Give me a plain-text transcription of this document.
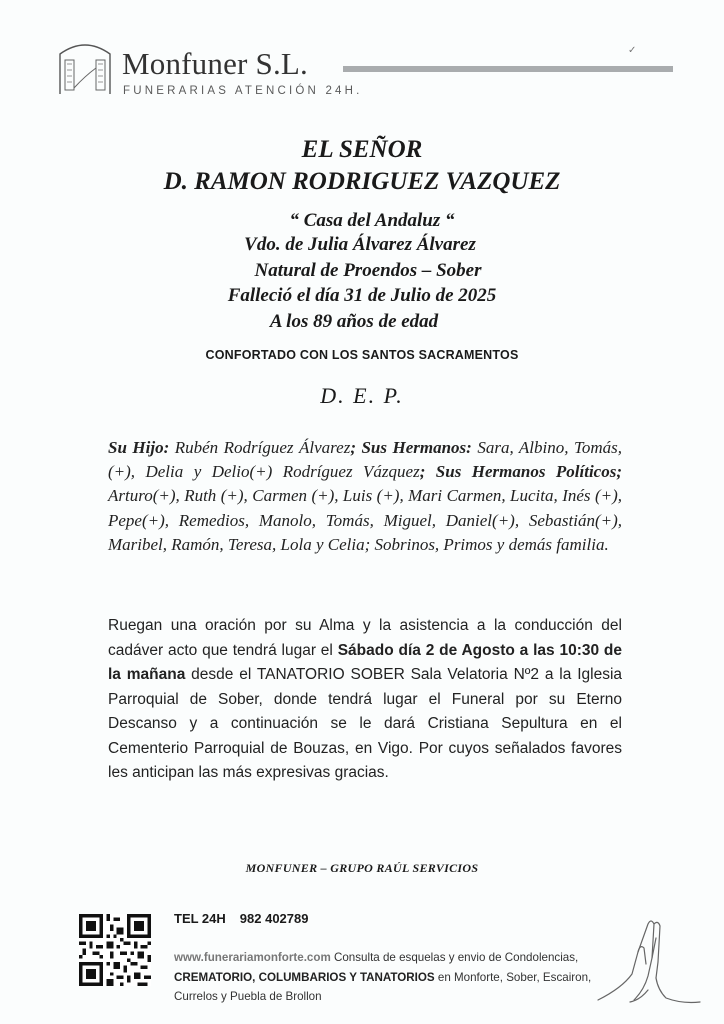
Monfuner S.L.
FUNERARIAS ATENCIÓN 24H.
✓
EL SEÑOR
D. RAMON RODRIGUEZ VAZQUEZ
“ Casa del Andaluz “
Vdo. de Julia Álvarez Álvarez
Natural de Proendos – Sober
Falleció el día 31 de Julio de 2025
A los 89 años de edad
CONFORTADO CON LOS SANTOS SACRAMENTOS
D. E. P.
Su Hijo: Rubén Rodríguez Álvarez; Sus Hermanos: Sara, Albino, Tomás,(+), Delia y Delio(+) Rodríguez Vázquez; Sus Hermanos Políticos; Arturo(+), Ruth (+), Carmen (+), Luis (+), Mari Carmen, Lucita, Inés (+), Pepe(+), Remedios, Manolo, Tomás, Miguel, Daniel(+), Sebastián(+), Maribel, Ramón, Teresa, Lola y Celia; Sobrinos, Primos y demás familia.
Ruegan una oración por su Alma y la asistencia a la conducción del cadáver acto que tendrá lugar el Sábado día 2 de Agosto a las 10:30 de la mañana desde el TANATORIO SOBER Sala Velatoria Nº2 a la Iglesia Parroquial de Sober, donde tendrá lugar el Funeral por su Eterno Descanso y a continuación se le dará Cristiana Sepultura en el Cementerio Parroquial de Bouzas, en Vigo. Por cuyos señalados favores les anticipan las más expresivas gracias.
MONFUNER – GRUPO RAÚL SERVICIOS
TEL 24H 982 402789
www.funerariamonforte.com Consulta de esquelas y envio de Condolencias, CREMATORIO, COLUMBARIOS Y TANATORIOS en Monforte, Sober, Escairon, Currelos y Puebla de Brollon
